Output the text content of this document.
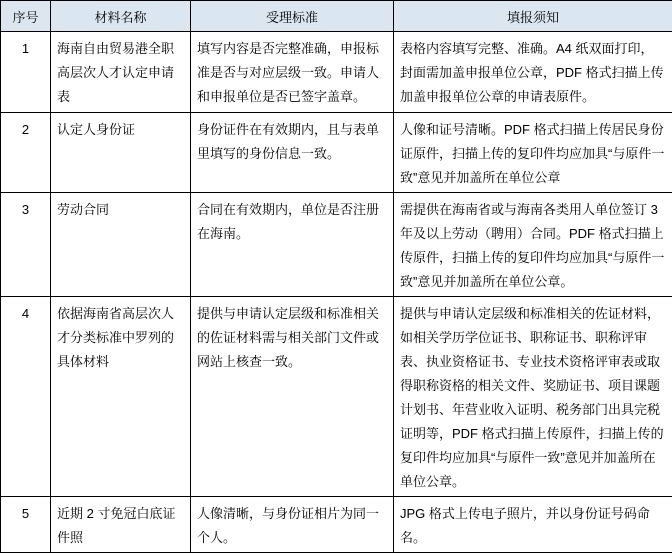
序号	材料名称	受理标准	填报须知
1	海南自由贸易港全职高层次人才认定申请表	填写内容是否完整准确，申报标准是否与对应层级一致。申请人和申报单位是否已签字盖章。	表格内容填写完整、准确。A4 纸双面打印，封面需加盖申报单位公章，PDF 格式扫描上传加盖申报单位公章的申请表原件。
2	认定人身份证	身份证件在有效期内，且与表单里填写的身份信息一致。	人像和证号清晰。PDF 格式扫描上传居民身份证原件，扫描上传的复印件均应加具“与原件一致”意见并加盖所在单位公章
3	劳动合同	合同在有效期内，单位是否注册在海南。	需提供在海南省或与海南各类用人单位签订 3 年及以上劳动（聘用）合同。PDF 格式扫描上传原件，扫描上传的复印件均应加具“与原件一致”意见并加盖所在单位公章。
4	依据海南省高层次人才分类标准中罗列的具体材料	提供与申请认定层级和标准相关的佐证材料需与相关部门文件或网站上核查一致。	提供与申请认定层级和标准相关的佐证材料，如相关学历学位证书、职称证书、职称评审表、执业资格证书、专业技术资格评审表或取得职称资格的相关文件、奖励证书、项目课题计划书、年营业收入证明、税务部门出具完税证明等，PDF 格式扫描上传原件，扫描上传的复印件均应加具“与原件一致”意见并加盖所在单位公章。
5	近期 2 寸免冠白底证件照	人像清晰，与身份证相片为同一个人。	JPG 格式上传电子照片，并以身份证号码命名。
